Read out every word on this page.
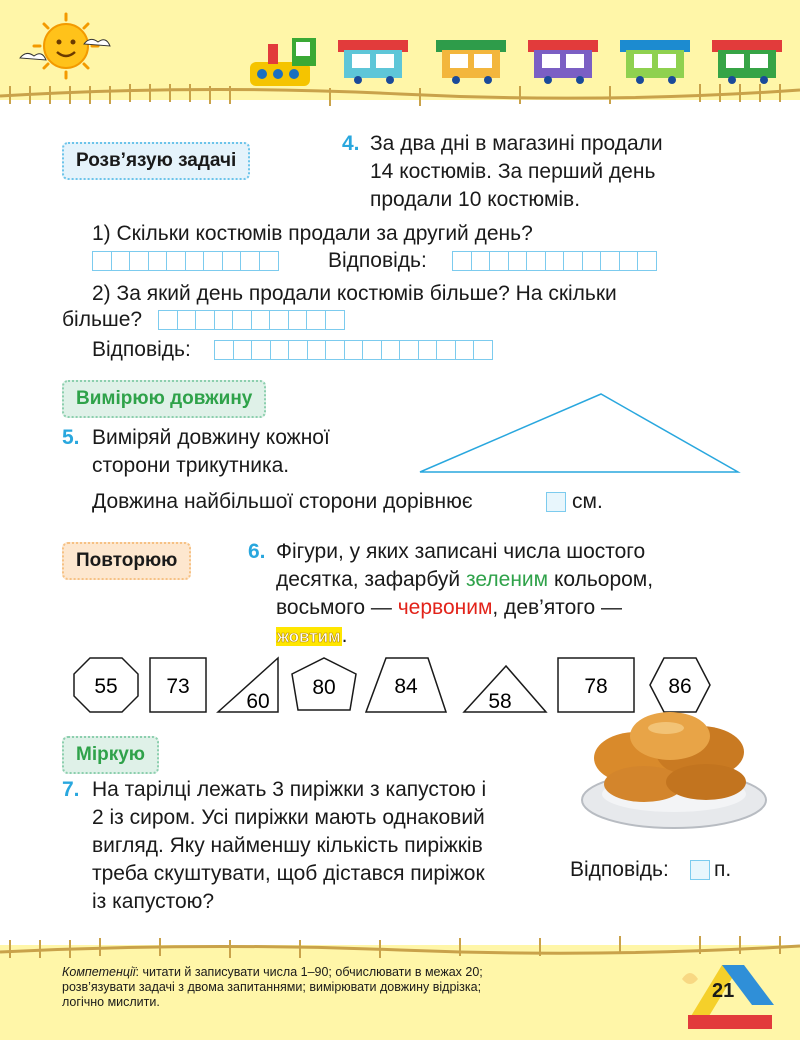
Розв’язую задачі
4. За два дні в магазині продали
14 костюмів. За перший день
продали 10 костюмів.
1) Скільки костюмів продали за другий день?
Відповідь:
2) За який день продали костюмів більше? На скільки
більше?
Відповідь:
Вимірюю довжину
5. Виміряй довжину кожної
сторони трикутника.
Довжина найбільшої сторони дорівнює	см.
Повторюю	6. Фігури, у яких записані числа шостого
десятка, зафарбуй зеленим кольором,
восьмого — червоним, дев’ятого —
жовтим.
55 73
60
80	84
58
78	86
Міркую
7. На тарілці лежать 3 пиріжки з капустою і
2 із сиром. Усі пиріжки мають однаковий
вигляд. Яку найменшу кількість пиріжків
треба скуштувати, щоб дістався пиріжок
із капустою?
Відповідь: п.
Компетенції: читати й записувати числа 1–90; обчислювати в межах 20;
розв’язувати задачі з двома запитаннями; вимірювати довжину відрізка;
логічно мислити.	21
